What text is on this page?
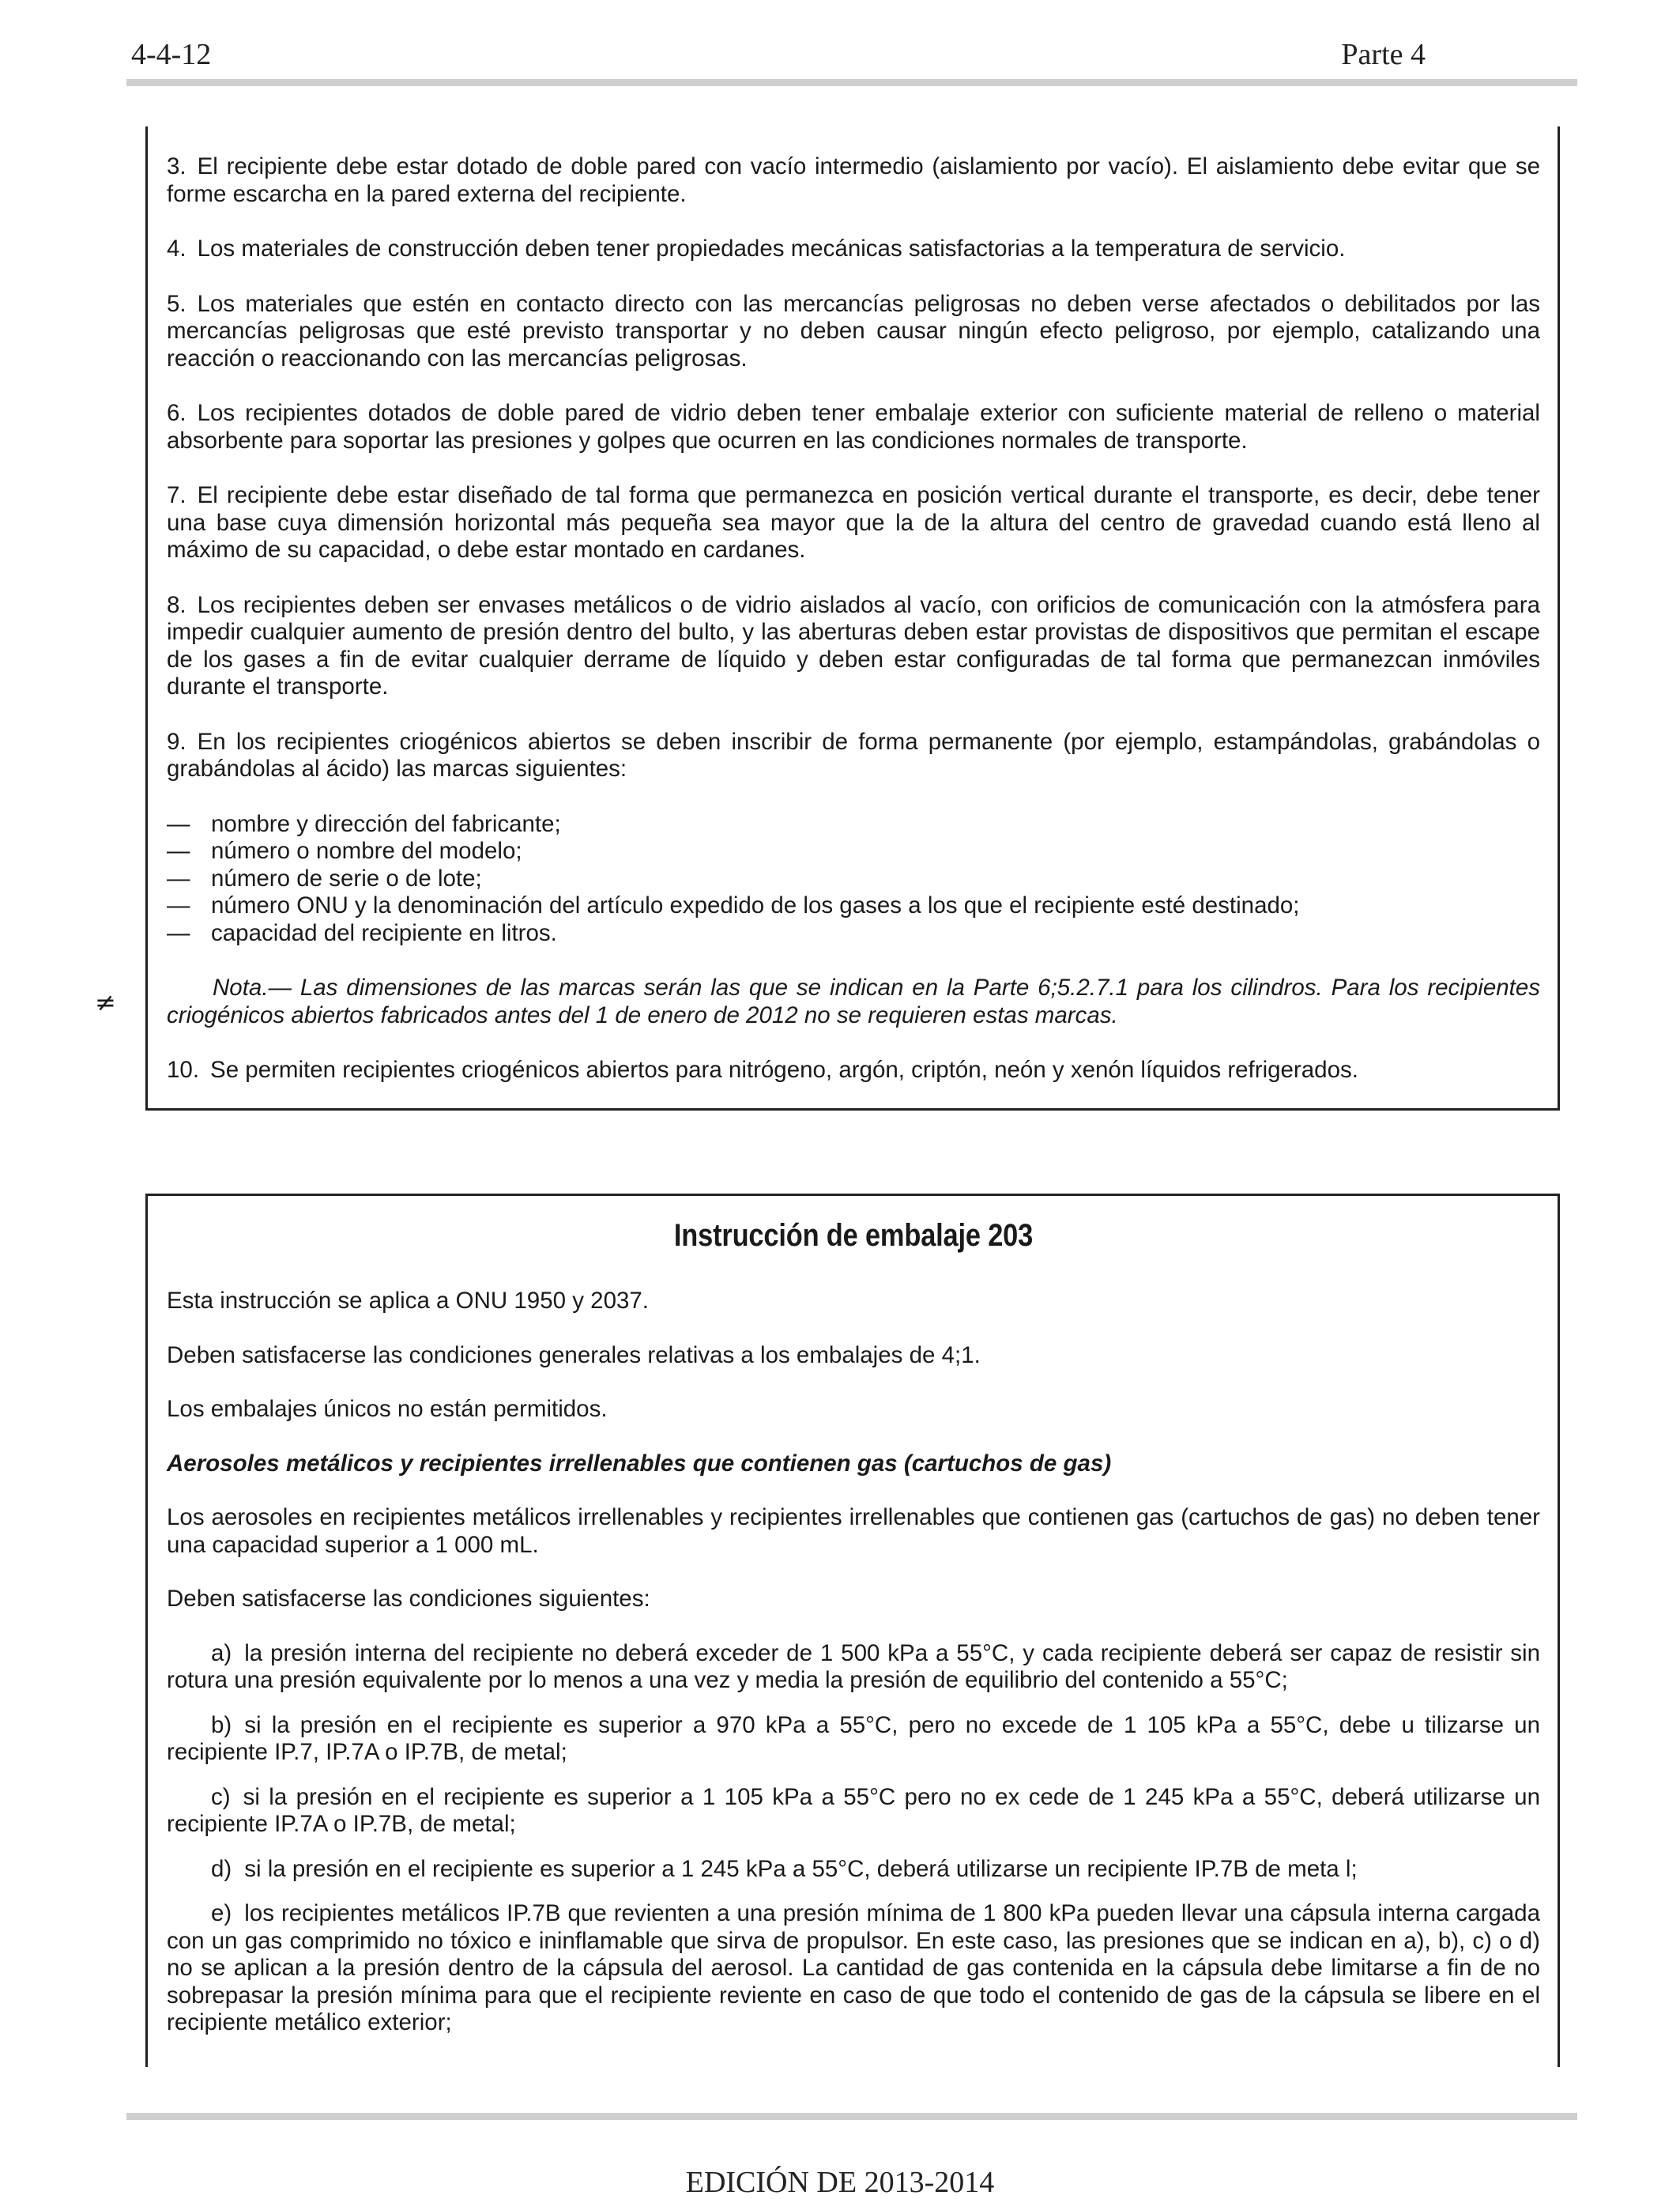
4-4-12	Parte 4

3. El recipiente debe estar dotado de doble pared con vacío intermedio (aislamiento por vacío). El aislamiento debe evitar que se forme escarcha en la pared externa del recipiente.

4. Los materiales de construcción deben tener propiedades mecánicas satisfactorias a la temperatura de servicio.

5. Los materiales que estén en contacto directo con las mercancías peligrosas no deben verse afectados o debilitados por las mercancías peligrosas que esté previsto transportar y no deben causar ningún efecto peligroso, por ejemplo, catalizando una reacción o reaccionando con las mercancías peligrosas.

6. Los recipientes dotados de doble pared de vidrio deben tener embalaje exterior con suficiente material de relleno o material absorbente para soportar las presiones y golpes que ocurren en las condiciones normales de transporte.

7. El recipiente debe estar diseñado de tal forma que permanezca en posición vertical durante el transporte, es decir, debe tener una base cuya dimensión horizontal más pequeña sea mayor que la de la altura del centro de gravedad cuando está lleno al máximo de su capacidad, o debe estar montado en cardanes.

8. Los recipientes deben ser envases metálicos o de vidrio aislados al vacío, con orificios de comunicación con la atmósfera para impedir cualquier aumento de presión dentro del bulto, y las aberturas deben estar provistas de dispositivos que permitan el escape de los gases a fin de evitar cualquier derrame de líquido y deben estar configuradas de tal forma que permanezcan inmóviles durante el transporte.

9. En los recipientes criogénicos abiertos se deben inscribir de forma permanente (por ejemplo, estampándolas, grabándolas o grabándolas al ácido) las marcas siguientes:

— nombre y dirección del fabricante;
— número o nombre del modelo;
— número de serie o de lote;
— número ONU y la denominación del artículo expedido de los gases a los que el recipiente esté destinado;
— capacidad del recipiente en litros.

Nota.— Las dimensiones de las marcas serán las que se indican en la Parte 6;5.2.7.1 para los cilindros. Para los recipientes criogénicos abiertos fabricados antes del 1 de enero de 2012 no se requieren estas marcas.

10. Se permiten recipientes criogénicos abiertos para nitrógeno, argón, criptón, neón y xenón líquidos refrigerados.

≠
Instrucción de embalaje 203

Esta instrucción se aplica a ONU 1950 y 2037.

Deben satisfacerse las condiciones generales relativas a los embalajes de 4;1.

Los embalajes únicos no están permitidos.

Aerosoles metálicos y recipientes irrellenables que contienen gas (cartuchos de gas)

Los aerosoles en recipientes metálicos irrellenables y recipientes irrellenables que contienen gas (cartuchos de gas) no deben tener una capacidad superior a 1 000 mL.

Deben satisfacerse las condiciones siguientes:

a) la presión interna del recipiente no deberá exceder de 1 500 kPa a 55°C, y cada recipiente deberá ser capaz de resistir sin rotura una presión equivalente por lo menos a una vez y media la presión de equilibrio del contenido a 55°C;

b) si la presión en el recipiente es superior a 970 kPa a 55°C, pero no excede de 1 105 kPa a 55°C, debe u tilizarse un recipiente IP.7, IP.7A o IP.7B, de metal;

c) si la presión en el recipiente es superior a 1 105 kPa a 55°C pero no ex cede de 1 245 kPa a 55°C, deberá utilizarse un recipiente IP.7A o IP.7B, de metal;

d) si la presión en el recipiente es superior a 1 245 kPa a 55°C, deberá utilizarse un recipiente IP.7B de meta l;

e) los recipientes metálicos IP.7B que revienten a una presión mínima de 1 800 kPa pueden llevar una cápsula interna cargada con un gas comprimido no tóxico e ininflamable que sirva de propulsor. En este caso, las presiones que se indican en a), b), c) o d) no se aplican a la presión dentro de la cápsula del aerosol. La cantidad de gas contenida en la cápsula debe limitarse a fin de no sobrepasar la presión mínima para que el recipiente reviente en caso de que todo el contenido de gas de la cápsula se libere en el recipiente metálico exterior;

EDICIÓN DE 2013-2014
